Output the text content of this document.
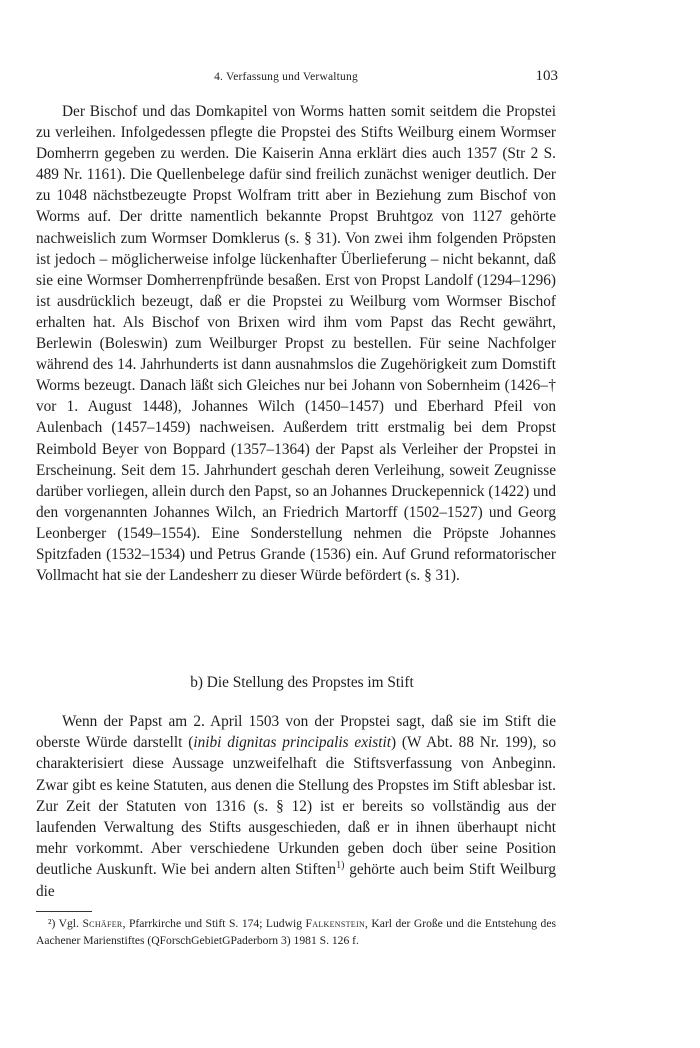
4. Verfassung und Verwaltung	103

Der Bischof und das Domkapitel von Worms hatten somit seitdem die Propstei zu verleihen. Infolgedessen pflegte die Propstei des Stifts Weilburg einem Wormser Domherrn gegeben zu werden. Die Kaiserin Anna erklärt dies auch 1357 (Str 2 S. 489 Nr. 1161). Die Quellenbelege dafür sind freilich zunächst weniger deutlich. Der zu 1048 nächstbezeugte Propst Wolfram tritt aber in Beziehung zum Bischof von Worms auf. Der dritte namentlich bekannte Propst Bruhtgoz von 1127 gehörte nachweislich zum Wormser Domklerus (s. § 31). Von zwei ihm folgenden Pröpsten ist jedoch – möglicherweise infolge lückenhafter Überlieferung – nicht bekannt, daß sie eine Wormser Domherrenpfründe besaßen. Erst von Propst Landolf (1294–1296) ist ausdrücklich bezeugt, daß er die Propstei zu Weilburg vom Wormser Bischof erhalten hat. Als Bischof von Brixen wird ihm vom Papst das Recht gewährt, Berlewin (Boleswin) zum Weilburger Propst zu bestellen. Für seine Nachfolger während des 14. Jahrhunderts ist dann ausnahmslos die Zugehörigkeit zum Domstift Worms bezeugt. Danach läßt sich Gleiches nur bei Johann von Sobernheim (1426–† vor 1. August 1448), Johannes Wilch (1450–1457) und Eberhard Pfeil von Aulenbach (1457–1459) nachweisen. Außerdem tritt erstmalig bei dem Propst Reimbold Beyer von Boppard (1357–1364) der Papst als Verleiher der Propstei in Erscheinung. Seit dem 15. Jahrhundert geschah deren Verleihung, soweit Zeugnisse darüber vorliegen, allein durch den Papst, so an Johannes Druckepennick (1422) und den vorgenannten Johannes Wilch, an Friedrich Martorff (1502–1527) und Georg Leonberger (1549–1554). Eine Sonderstellung nehmen die Pröpste Johannes Spitzfaden (1532–1534) und Petrus Grande (1536) ein. Auf Grund reformatorischer Vollmacht hat sie der Landesherr zu dieser Würde befördert (s. § 31).

b) Die Stellung des Propstes im Stift

Wenn der Papst am 2. April 1503 von der Propstei sagt, daß sie im Stift die oberste Würde darstellt (inibi dignitas principalis existit) (W Abt. 88 Nr. 199), so charakterisiert diese Aussage unzweifelhaft die Stiftsverfassung von Anbeginn. Zwar gibt es keine Statuten, aus denen die Stellung des Propstes im Stift ablesbar ist. Zur Zeit der Statuten von 1316 (s. § 12) ist er bereits so vollständig aus der laufenden Verwaltung des Stifts ausgeschieden, daß er in ihnen überhaupt nicht mehr vorkommt. Aber verschiedene Urkunden geben doch über seine Position deutliche Auskunft. Wie bei andern alten Stiften$^{1)}$ gehörte auch beim Stift Weilburg die

²) Vgl. Schäfer, Pfarrkirche und Stift S. 174; Ludwig Falkenstein, Karl der Große und die Entstehung des Aachener Marienstiftes (QForschGebietGPaderborn 3) 1981 S. 126 f.
